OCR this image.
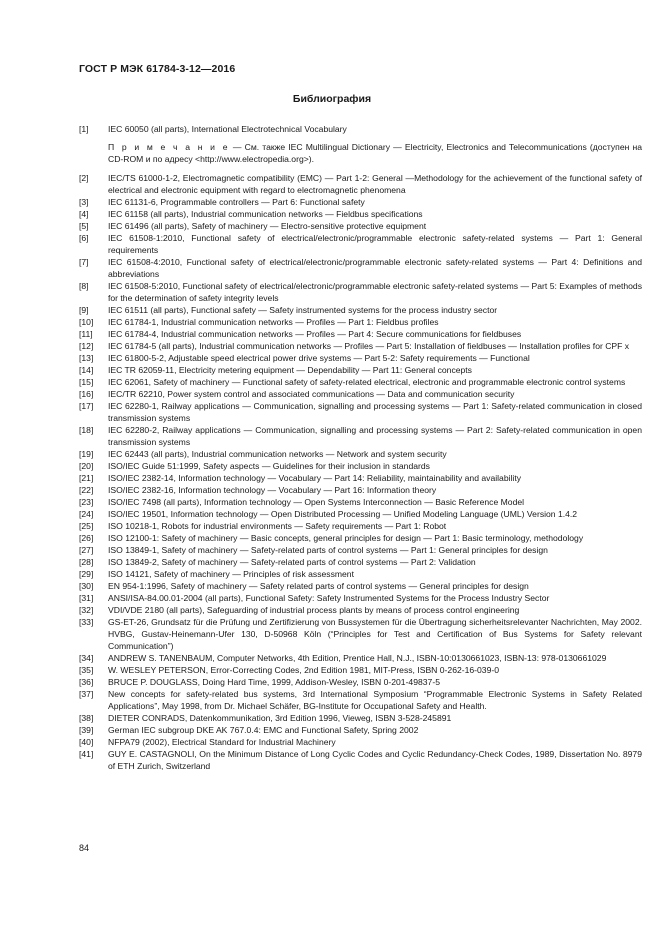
ГОСТ Р МЭК 61784-3-12—2016
Библиография
[1]	IEC 60050 (all parts), International Electrotechnical Vocabulary
П р и м е ч а н и е — См. также IEC Multilingual Dictionary — Electricity, Electronics and Telecommunications (доступен на CD-ROM и по адресу <http://www.electropedia.org>).
[2]	IEC/TS 61000-1-2, Electromagnetic compatibility (EMC) — Part 1-2: General —Methodology for the achievement of the functional safety of electrical and electronic equipment with regard to electromagnetic phenomena
[3]	IEC 61131-6, Programmable controllers — Part 6: Functional safety
[4]	IEC 61158 (all parts), Industrial communication networks — Fieldbus specifications
[5]	IEC 61496 (all parts), Safety of machinery — Electro-sensitive protective equipment
[6]	IEC 61508-1:2010, Functional safety of electrical/electronic/programmable electronic safety-related systems — Part 1: General requirements
[7]	IEC 61508-4:2010, Functional safety of electrical/electronic/programmable electronic safety-related systems — Part 4: Definitions and abbreviations
[8]	IEC 61508-5:2010, Functional safety of electrical/electronic/programmable electronic safety-related systems — Part 5: Examples of methods for the determination of safety integrity levels
[9]	IEC 61511 (all parts), Functional safety — Safety instrumented systems for the process industry sector
[10]	IEC 61784-1, Industrial communication networks — Profiles — Part 1: Fieldbus profiles
[11]	IEC 61784-4, Industrial communication networks — Profiles — Part 4: Secure communications for fieldbuses
[12]	IEC 61784-5 (all parts), Industrial communication networks — Profiles — Part 5: Installation of fieldbuses — Installation profiles for CPF x
[13]	IEC 61800-5-2, Adjustable speed electrical power drive systems — Part 5-2: Safety requirements — Functional
[14]	IEC TR 62059-11, Electricity metering equipment — Dependability — Part 11: General concepts
[15]	IEC 62061, Safety of machinery — Functional safety of safety-related electrical, electronic and programmable electronic control systems
[16]	IEC/TR 62210, Power system control and associated communications — Data and communication security
[17]	IEC 62280-1, Railway applications — Communication, signalling and processing systems — Part 1: Safety-related communication in closed transmission systems
[18]	IEC 62280-2, Railway applications — Communication, signalling and processing systems — Part 2: Safety-related communication in open transmission systems
[19]	IEC 62443 (all parts), Industrial communication networks — Network and system security
[20]	ISO/IEC Guide 51:1999, Safety aspects — Guidelines for their inclusion in standards
[21]	ISO/IEC 2382-14, Information technology — Vocabulary — Part 14: Reliability, maintainability and availability
[22]	ISO/IEC 2382-16, Information technology — Vocabulary — Part 16: Information theory
[23]	ISO/IEC 7498 (all parts), Information technology — Open Systems Interconnection — Basic Reference Model
[24]	ISO/IEC 19501, Information technology — Open Distributed Processing — Unified Modeling Language (UML) Version 1.4.2
[25]	ISO 10218-1, Robots for industrial environments — Safety requirements — Part 1: Robot
[26]	ISO 12100-1: Safety of machinery — Basic concepts, general principles for design — Part 1: Basic terminology, methodology
[27]	ISO 13849-1, Safety of machinery — Safety-related parts of control systems — Part 1: General principles for design
[28]	ISO 13849-2, Safety of machinery — Safety-related parts of control systems — Part 2: Validation
[29]	ISO 14121, Safety of machinery — Principles of risk assessment
[30]	EN 954-1:1996, Safety of machinery — Safety related parts of control systems — General principles for design
[31]	ANSI/ISA-84.00.01-2004 (all parts), Functional Safety: Safety Instrumented Systems for the Process Industry Sector
[32]	VDI/VDE 2180 (all parts), Safeguarding of industrial process plants by means of process control engineering
[33]	GS-ET-26, Grundsatz für die Prüfung und Zertifizierung von Bussystemen für die Übertragung sicherheitsrelevanter Nachrichten, May 2002. HVBG, Gustav-Heinemann-Ufer 130, D-50968 Köln (“Principles for Test and Certification of Bus Systems for Safety relevant Communication”)
[34]	ANDREW S. TANENBAUM, Computer Networks, 4th Edition, Prentice Hall, N.J., ISBN-10:0130661023, ISBN-13: 978-0130661029
[35]	W. WESLEY PETERSON, Error-Correcting Codes, 2nd Edition 1981, MIT-Press, ISBN 0-262-16-039-0
[36]	BRUCE P. DOUGLASS, Doing Hard Time, 1999, Addison-Wesley, ISBN 0-201-49837-5
[37]	New concepts for safety-related bus systems, 3rd International Symposium “Programmable Electronic Systems in Safety Related Applications”, May 1998, from Dr. Michael Schäfer, BG-Institute for Occupational Safety and Health.
[38]	DIETER CONRADS, Datenkommunikation, 3rd Edition 1996, Vieweg, ISBN 3-528-245891
[39]	German IEC subgroup DKE AK 767.0.4: EMC and Functional Safety, Spring 2002
[40]	NFPA79 (2002), Electrical Standard for Industrial Machinery
[41]	GUY E. CASTAGNOLI, On the Minimum Distance of Long Cyclic Codes and Cyclic Redundancy-Check Codes, 1989, Dissertation No. 8979 of ETH Zurich, Switzerland
84
